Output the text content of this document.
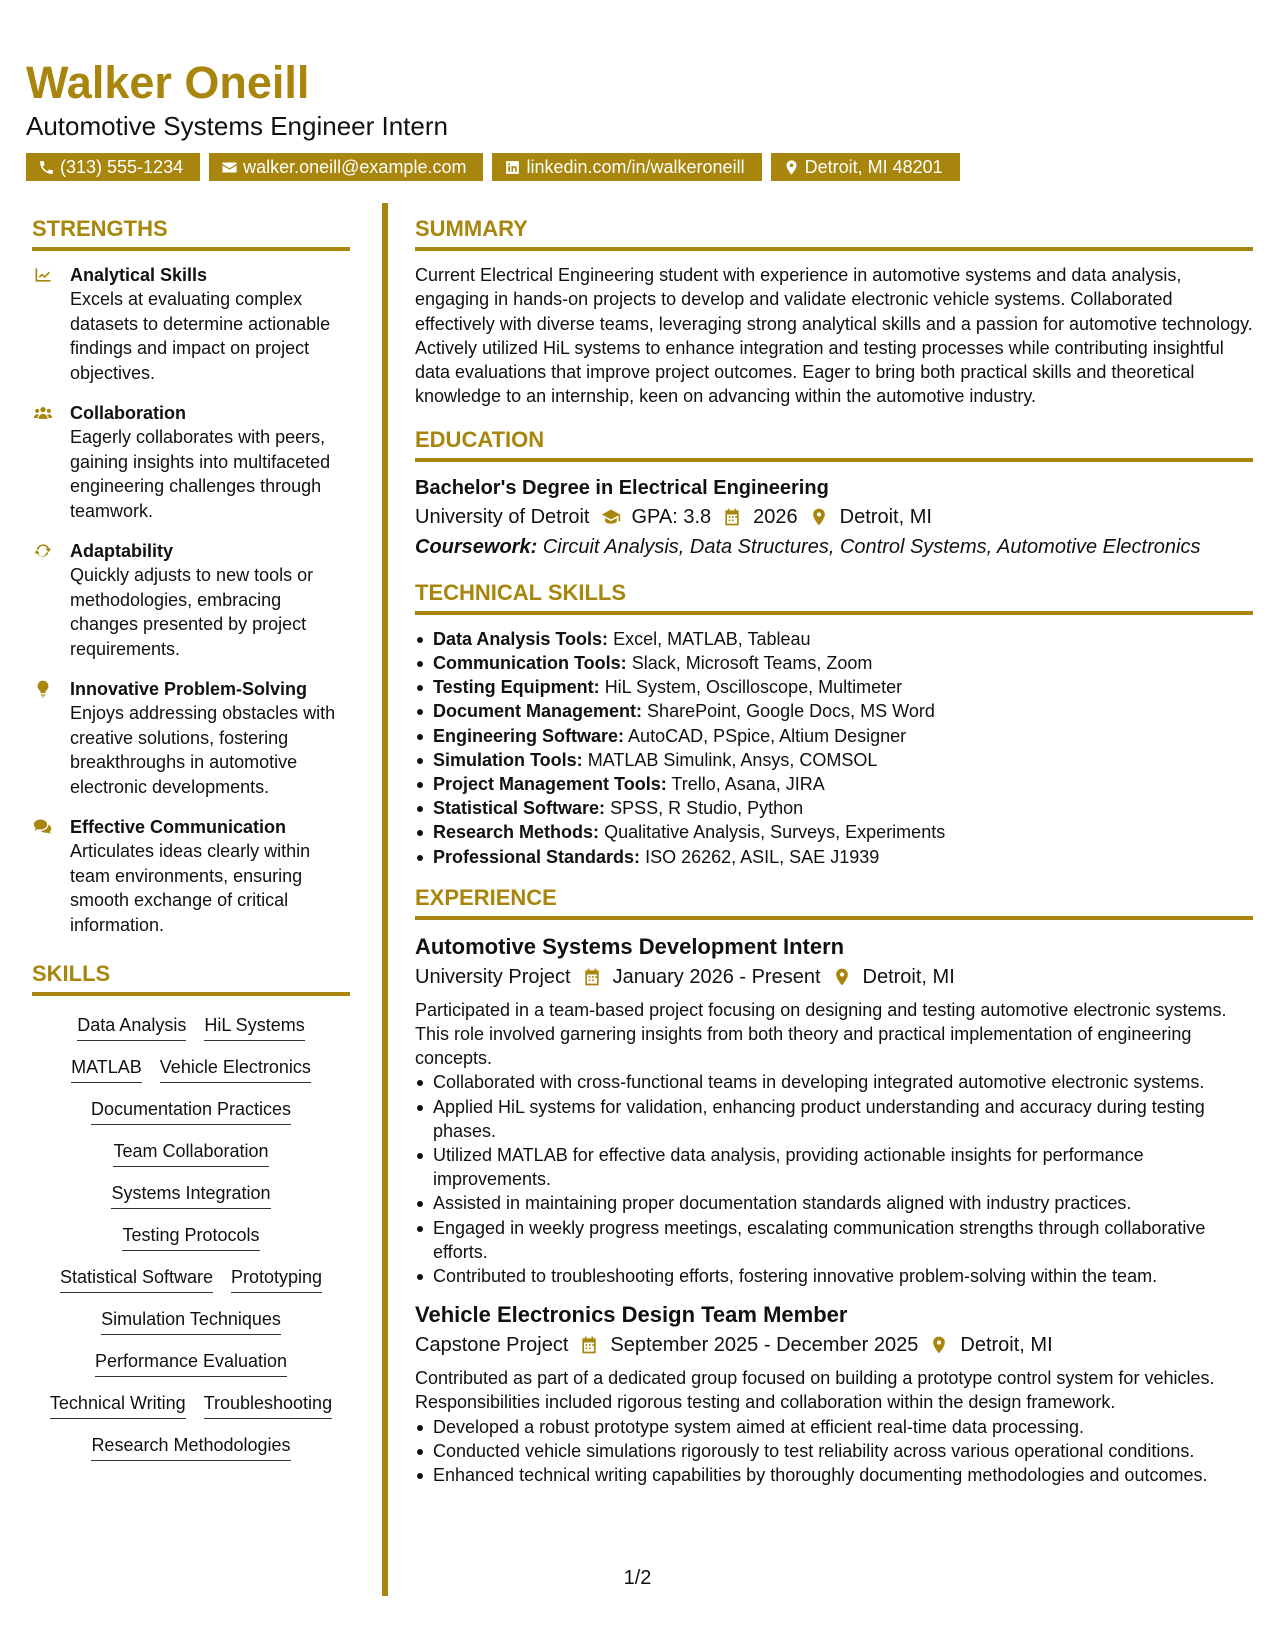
Walker Oneill
Automotive Systems Engineer Intern
(313) 555-1234	walker.oneill@example.com	linkedin.com/in/walkeroneill	Detroit, MI 48201
STRENGTHS
Analytical Skills
Excels at evaluating complex datasets to determine actionable findings and impact on project objectives.
Collaboration
Eagerly collaborates with peers, gaining insights into multifaceted engineering challenges through teamwork.
Adaptability
Quickly adjusts to new tools or methodologies, embracing changes presented by project requirements.
Innovative Problem-Solving
Enjoys addressing obstacles with creative solutions, fostering breakthroughs in automotive electronic developments.
Effective Communication
Articulates ideas clearly within team environments, ensuring smooth exchange of critical information.
SKILLS
Data Analysis HiL Systems
MATLAB Vehicle Electronics
Documentation Practices
Team Collaboration
Systems Integration
Testing Protocols
Statistical Software Prototyping
Simulation Techniques
Performance Evaluation
Technical Writing Troubleshooting
Research Methodologies
SUMMARY
Current Electrical Engineering student with experience in automotive systems and data analysis, engaging in hands-on projects to develop and validate electronic vehicle systems. Collaborated effectively with diverse teams, leveraging strong analytical skills and a passion for automotive technology. Actively utilized HiL systems to enhance integration and testing processes while contributing insightful data evaluations that improve project outcomes. Eager to bring both practical skills and theoretical knowledge to an internship, keen on advancing within the automotive industry.
EDUCATION
Bachelor's Degree in Electrical Engineering
University of Detroit GPA: 3.8 2026 Detroit, MI
Coursework: Circuit Analysis, Data Structures, Control Systems, Automotive Electronics
TECHNICAL SKILLS
Data Analysis Tools: Excel, MATLAB, Tableau
Communication Tools: Slack, Microsoft Teams, Zoom
Testing Equipment: HiL System, Oscilloscope, Multimeter
Document Management: SharePoint, Google Docs, MS Word
Engineering Software: AutoCAD, PSpice, Altium Designer
Simulation Tools: MATLAB Simulink, Ansys, COMSOL
Project Management Tools: Trello, Asana, JIRA
Statistical Software: SPSS, R Studio, Python
Research Methods: Qualitative Analysis, Surveys, Experiments
Professional Standards: ISO 26262, ASIL, SAE J1939
EXPERIENCE
Automotive Systems Development Intern
University Project January 2026 - Present Detroit, MI
Participated in a team-based project focusing on designing and testing automotive electronic systems. This role involved garnering insights from both theory and practical implementation of engineering concepts.
Collaborated with cross-functional teams in developing integrated automotive electronic systems.
Applied HiL systems for validation, enhancing product understanding and accuracy during testing phases.
Utilized MATLAB for effective data analysis, providing actionable insights for performance improvements.
Assisted in maintaining proper documentation standards aligned with industry practices.
Engaged in weekly progress meetings, escalating communication strengths through collaborative efforts.
Contributed to troubleshooting efforts, fostering innovative problem-solving within the team.
Vehicle Electronics Design Team Member
Capstone Project September 2025 - December 2025 Detroit, MI
Contributed as part of a dedicated group focused on building a prototype control system for vehicles. Responsibilities included rigorous testing and collaboration within the design framework.
Developed a robust prototype system aimed at efficient real-time data processing.
Conducted vehicle simulations rigorously to test reliability across various operational conditions.
Enhanced technical writing capabilities by thoroughly documenting methodologies and outcomes.
1/2
